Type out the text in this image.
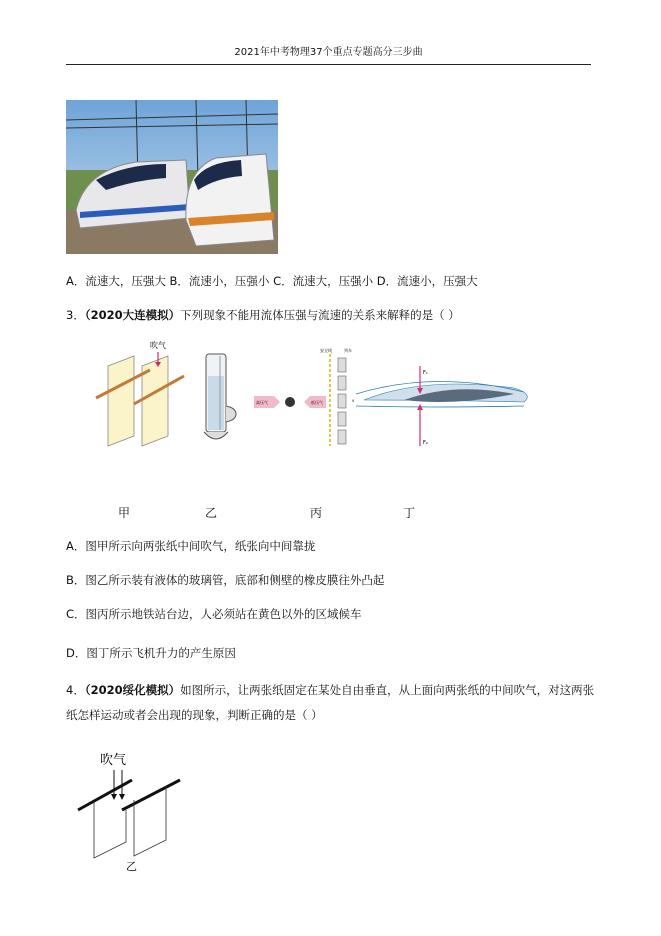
2021年中考物理37个重点专题高分三步曲
A．流速大，压强大 B．流速小，压强小 C．流速大，压强小 D．流速小，压强大
3．（2020大连模拟）下列现象不能用流体压强与流速的关系来解释的是（ ）
吹气
高压气	低压气
安全线	列车
v
F₁
F₂
甲	乙	丙	丁
A．图甲所示向两张纸中间吹气，纸张向中间靠拢
B．图乙所示装有液体的玻璃管，底部和侧壁的橡皮膜往外凸起
C．图丙所示地铁站台边，人必须站在黄色以外的区域候车
D．图丁所示飞机升力的产生原因
4．（2020绥化模拟）如图所示，让两张纸固定在某处自由垂直，从上面向两张纸的中间吹气，对这两张
纸怎样运动或者会出现的现象，判断正确的是（ ）
吹气
乙
